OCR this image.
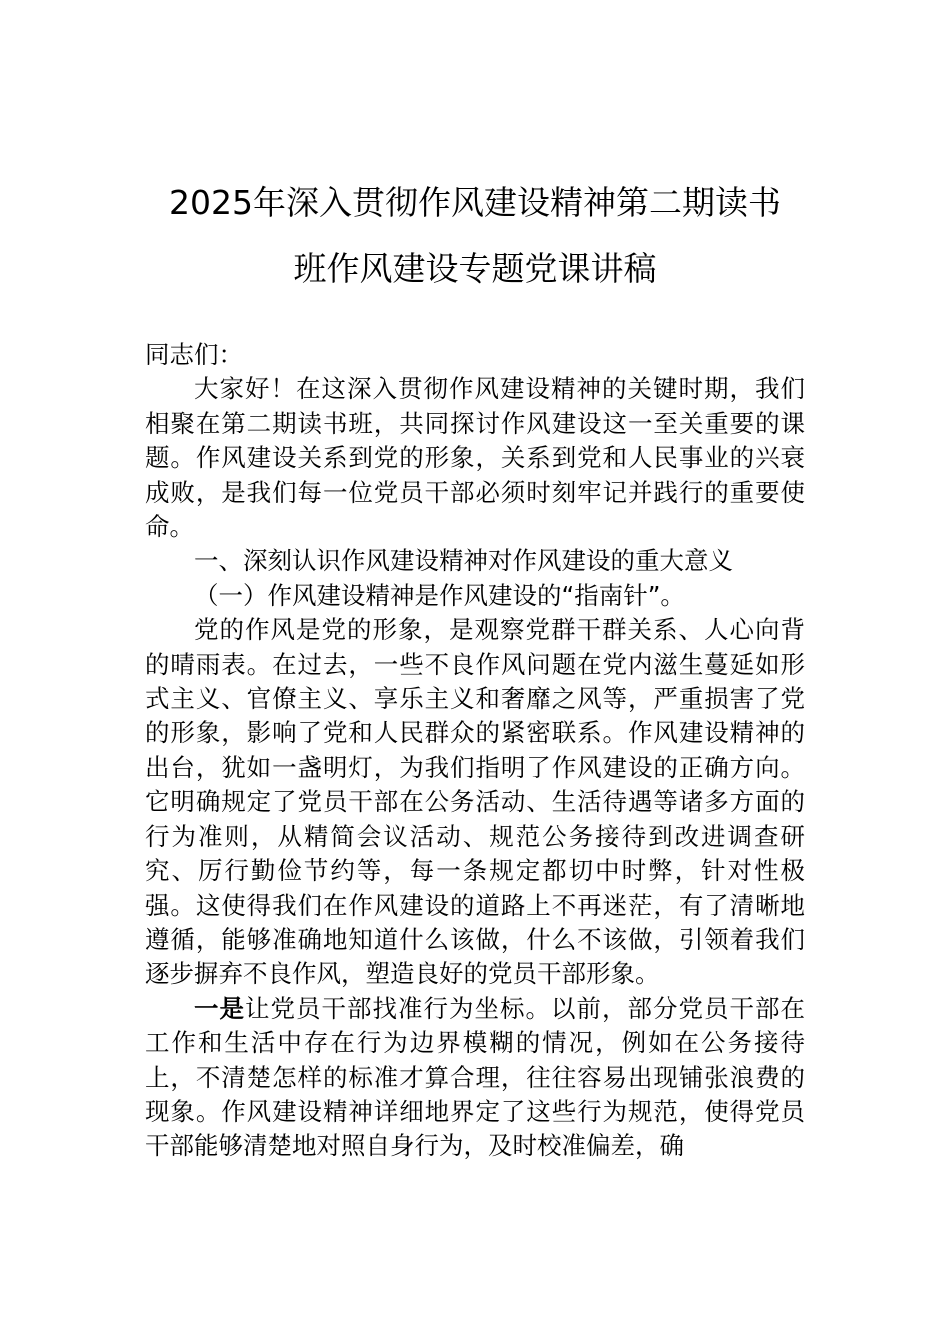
2025年深入贯彻作风建设精神第二期读书
班作风建设专题党课讲稿

同志们：

大家好！在这深入贯彻作风建设精神的关键时期，我们相聚在第二期读书班，共同探讨作风建设这一至关重要的课题。作风建设关系到党的形象，关系到党和人民事业的兴衰成败，是我们每一位党员干部必须时刻牢记并践行的重要使命。

一、深刻认识作风建设精神对作风建设的重大意义

（一）作风建设精神是作风建设的“指南针”。

党的作风是党的形象，是观察党群干群关系、人心向背的晴雨表。在过去，一些不良作风问题在党内滋生蔓延如形式主义、官僚主义、享乐主义和奢靡之风等，严重损害了党的形象，影响了党和人民群众的紧密联系。作风建设精神的出台，犹如一盏明灯，为我们指明了作风建设的正确方向。它明确规定了党员干部在公务活动、生活待遇等诸多方面的行为准则，从精简会议活动、规范公务接待到改进调查研究、厉行勤俭节约等，每一条规定都切中时弊，针对性极强。这使得我们在作风建设的道路上不再迷茫，有了清晰地遵循，能够准确地知道什么该做，什么不该做，引领着我们逐步摒弃不良作风，塑造良好的党员干部形象。

一是让党员干部找准行为坐标。以前，部分党员干部在工作和生活中存在行为边界模糊的情况，例如在公务接待上，不清楚怎样的标准才算合理，往往容易出现铺张浪费的现象。作风建设精神详细地界定了这些行为规范，使得党员干部能够清楚地对照自身行为，及时校准偏差，确
